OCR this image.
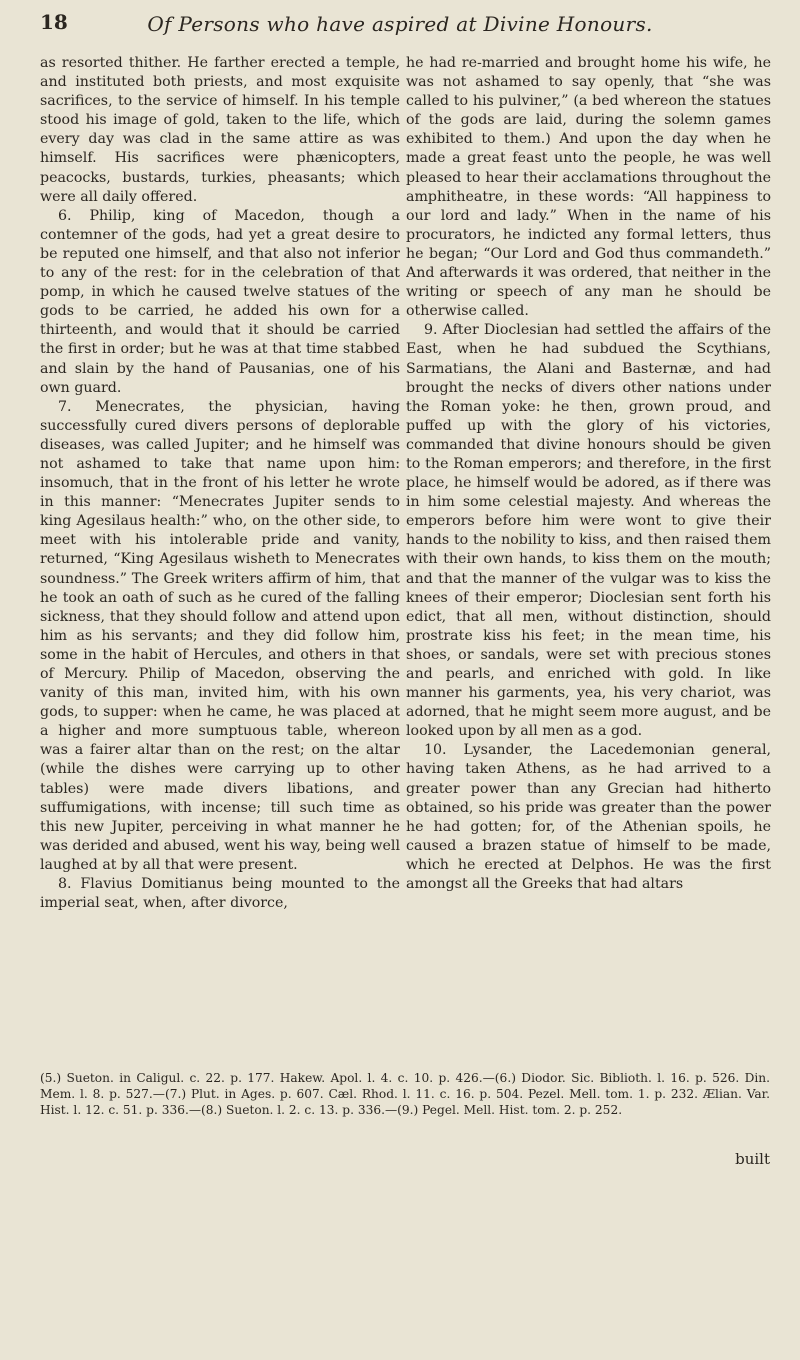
18	Of Persons who have aspired at Divine Honours.

as resorted thither. He farther erected a temple, and instituted both priests, and most exquisite sacrifices, to the service of himself. In his temple stood his image of gold, taken to the life, which every day was clad in the same attire as was himself. His sacrifices were phænicopters, peacocks, bustards, turkies, pheasants; which were all daily offered.

6. Philip, king of Macedon, though a contemner of the gods, had yet a great desire to be reputed one himself, and that also not inferior to any of the rest: for in the celebration of that pomp, in which he caused twelve statues of the gods to be carried, he added his own for a thirteenth, and would that it should be carried the first in order; but he was at that time stabbed and slain by the hand of Pausanias, one of his own guard.

7. Menecrates, the physician, having successfully cured divers persons of deplorable diseases, was called Jupiter; and he himself was not ashamed to take that name upon him: insomuch, that in the front of his letter he wrote in this manner: “Menecrates Jupiter sends to king Agesilaus health:” who, on the other side, to meet with his intolerable pride and vanity, returned, “King Agesilaus wisheth to Menecrates soundness.” The Greek writers affirm of him, that he took an oath of such as he cured of the falling sickness, that they should follow and attend upon him as his servants; and they did follow him, some in the habit of Hercules, and others in that of Mercury. Philip of Macedon, observing the vanity of this man, invited him, with his own gods, to supper: when he came, he was placed at a higher and more sumptuous table, whereon was a fairer altar than on the rest; on the altar (while the dishes were carrying up to other tables) were made divers libations, and suffumigations, with incense; till such time as this new Jupiter, perceiving in what manner he was derided and abused, went his way, being well laughed at by all that were present.

8. Flavius Domitianus being mounted to the imperial seat, when, after divorce,

he had re-married and brought home his wife, he was not ashamed to say openly, that “she was called to his pulviner,” (a bed whereon the statues of the gods are laid, during the solemn games exhibited to them.) And upon the day when he made a great feast unto the people, he was well pleased to hear their acclamations throughout the amphitheatre, in these words: “All happiness to our lord and lady.” When in the name of his procurators, he indicted any formal letters, thus he began; “Our Lord and God thus commandeth.” And afterwards it was ordered, that neither in the writing or speech of any man he should be otherwise called.

9. After Dioclesian had settled the affairs of the East, when he had subdued the Scythians, Sarmatians, the Alani and Basternæ, and had brought the necks of divers other nations under the Roman yoke: he then, grown proud, and puffed up with the glory of his victories, commanded that divine honours should be given to the Roman emperors; and therefore, in the first place, he himself would be adored, as if there was in him some celestial majesty. And whereas the emperors before him were wont to give their hands to the nobility to kiss, and then raised them with their own hands, to kiss them on the mouth; and that the manner of the vulgar was to kiss the knees of their emperor; Dioclesian sent forth his edict, that all men, without distinction, should prostrate kiss his feet; in the mean time, his shoes, or sandals, were set with precious stones and pearls, and enriched with gold. In like manner his garments, yea, his very chariot, was adorned, that he might seem more august, and be looked upon by all men as a god.

10. Lysander, the Lacedemonian general, having taken Athens, as he had arrived to a greater power than any Grecian had hitherto obtained, so his pride was greater than the power he had gotten; for, of the Athenian spoils, he caused a brazen statue of himself to be made, which he erected at Delphos. He was the first amongst all the Greeks that had altars

(5.) Sueton. in Caligul. c. 22. p. 177. Hakew. Apol. l. 4. c. 10. p. 426.—(6.) Diodor. Sic. Biblioth. l. 16. p. 526. Din. Mem. l. 8. p. 527.—(7.) Plut. in Ages. p. 607. Cæl. Rhod. l. 11. c. 16. p. 504. Pezel. Mell. tom. 1. p. 232. Ælian. Var. Hist. l. 12. c. 51. p. 336.—(8.) Sueton. l. 2. c. 13. p. 336.—(9.) Pegel. Mell. Hist. tom. 2. p. 252.
built
